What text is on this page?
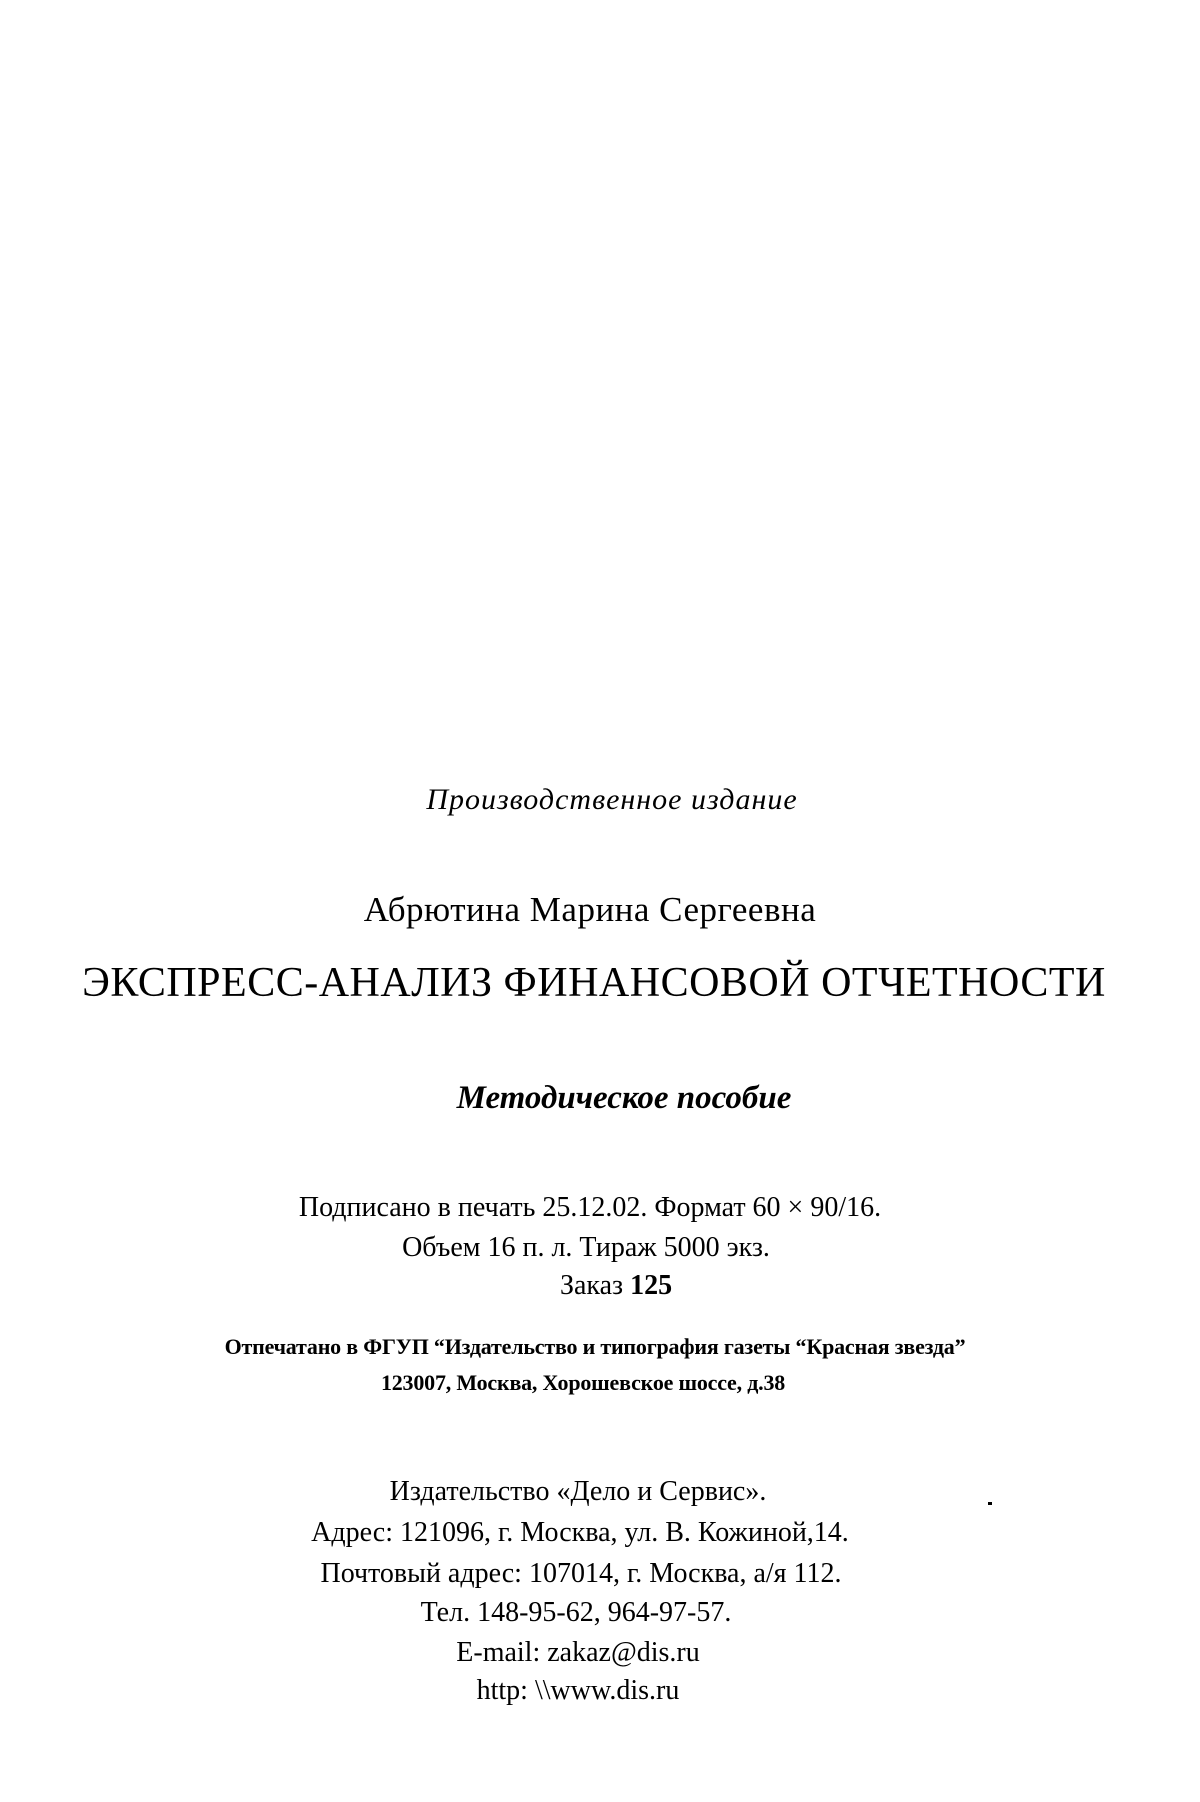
Производственное издание
Абрютина Марина Сергеевна
ЭКСПРЕСС-АНАЛИЗ ФИНАНСОВОЙ ОТЧЕТНОСТИ
Методическое пособие
Подписано в печать 25.12.02. Формат 60 × 90/16.
Объем 16 п. л. Тираж 5000 экз.
Заказ 125
Отпечатано в ФГУП “Издательство и типография газеты “Красная звезда”
123007, Москва, Хорошевское шоссе, д.38
Издательство «Дело и Сервис».
Адрес: 121096, г. Москва, ул. В. Кожиной,14.
Почтовый адрес: 107014, г. Москва, а/я 112.
Тел. 148-95-62, 964-97-57.
E-mail: zakaz@dis.ru
http: \\www.dis.ru
